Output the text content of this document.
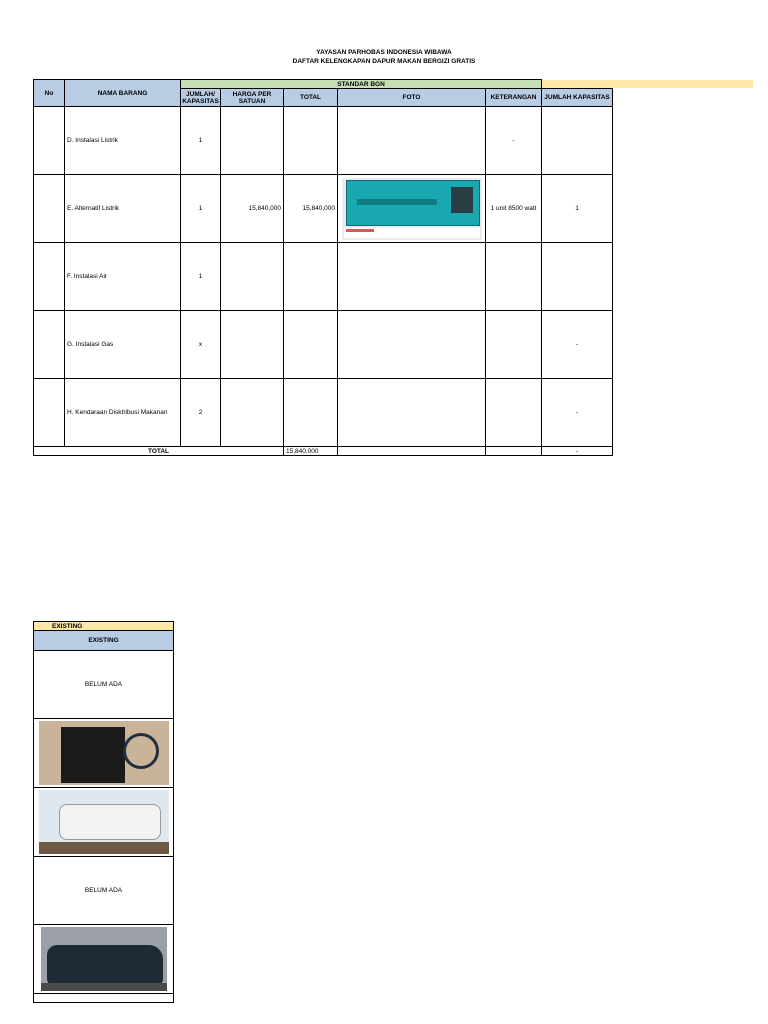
YAYASAN PARHOBAS INDONESIA WIBAWA
DAFTAR KELENGKAPAN DAPUR MAKAN BERGIZI GRATIS
No	NAMA BARANG	STANDAR BGN					
		JUMLAH/ KAPASITAS	HARGA PER SATUAN	TOTAL	FOTO	KETERANGAN	JUMLAH KAPASITAS
	D. Instalasi Listrik	1				-	
	E. Alternatif Listrik	1	15,840,000	15,840,000		1 unit 8500 watt	1
	F. Instalasi Air	1					
	G. Instalasi Gas	x					-
	H. Kendaraan Disktribusi Makanan	2					-
TOTAL				15,840,000			-
EXISTING
EXISTING
BELUM ADA

BELUM ADA
